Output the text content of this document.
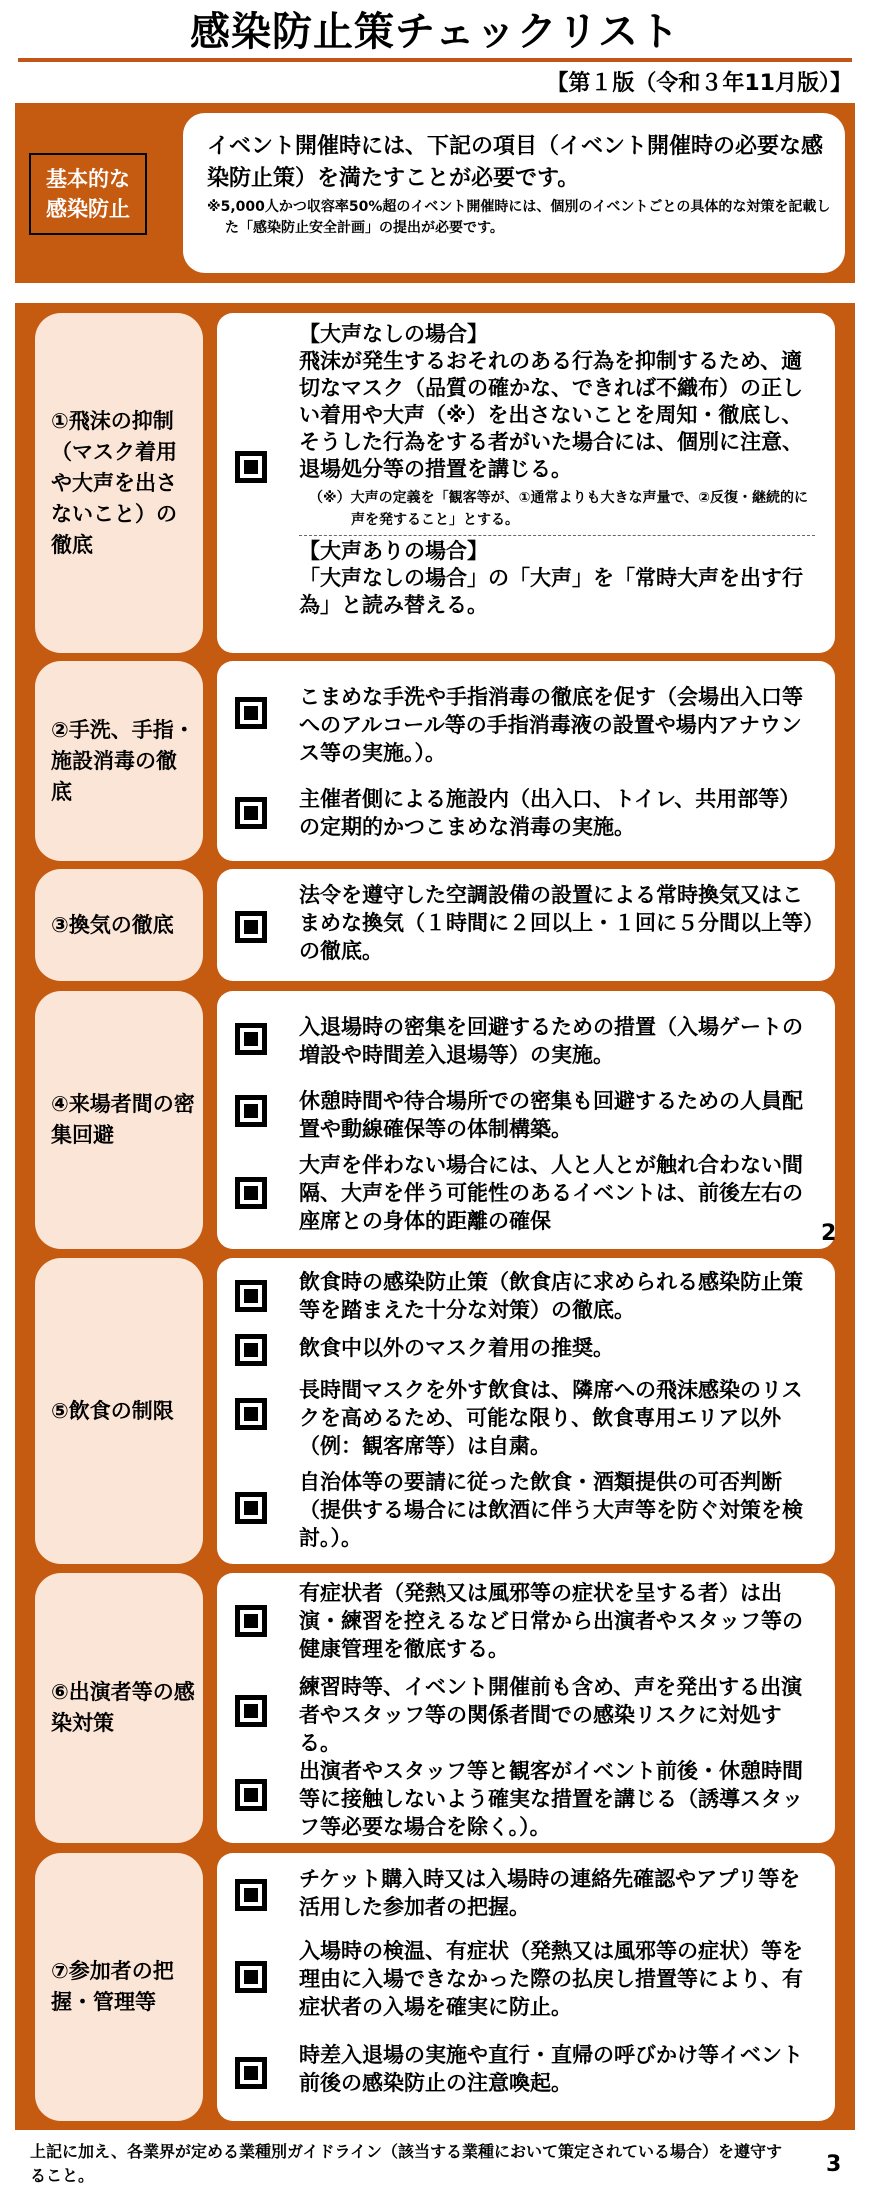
感染防止策チェックリスト
【第１版（令和３年11月版）】
基本的な
感染防止
イベント開催時には、下記の項目（イベント開催時の必要な感染防止策）を満たすことが必要です。
※5,000人かつ収容率50%超のイベント開催時には、個別のイベントごとの具体的な対策を記載した「感染防止安全計画」の提出が必要です。
①飛沫の抑制（マスク着用や大声を出さないこと）の徹底
【大声なしの場合】
飛沫が発生するおそれのある行為を抑制するため、適切なマスク（品質の確かな、できれば不織布）の正しい着用や大声（※）を出さないことを周知・徹底し、そうした行為をする者がいた場合には、個別に注意、退場処分等の措置を講じる。
（※）大声の定義を「観客等が、①通常よりも大きな声量で、②反復・継続的に声を発すること」とする。
【大声ありの場合】
「大声なしの場合」の「大声」を「常時大声を出す行為」と読み替える。
②手洗、手指・施設消毒の徹底
こまめな手洗や手指消毒の徹底を促す（会場出入口等へのアルコール等の手指消毒液の設置や場内アナウンス等の実施。）。
主催者側による施設内（出入口、トイレ、共用部等）の定期的かつこまめな消毒の実施。
③換気の徹底
法令を遵守した空調設備の設置による常時換気又はこまめな換気（１時間に２回以上・１回に５分間以上等）の徹底。
④来場者間の密集回避
入退場時の密集を回避するための措置（入場ゲートの増設や時間差入退場等）の実施。
休憩時間や待合場所での密集も回避するための人員配置や動線確保等の体制構築。
大声を伴わない場合には、人と人とが触れ合わない間隔、大声を伴う可能性のあるイベントは、前後左右の座席との身体的距離の確保	2
⑤飲食の制限
飲食時の感染防止策（飲食店に求められる感染防止策等を踏まえた十分な対策）の徹底。
飲食中以外のマスク着用の推奨。
長時間マスクを外す飲食は、隣席への飛沫感染のリスクを高めるため、可能な限り、飲食専用エリア以外（例：観客席等）は自粛。
自治体等の要請に従った飲食・酒類提供の可否判断（提供する場合には飲酒に伴う大声等を防ぐ対策を検討。）。
⑥出演者等の感染対策
有症状者（発熱又は風邪等の症状を呈する者）は出演・練習を控えるなど日常から出演者やスタッフ等の健康管理を徹底する。
練習時等、イベント開催前も含め、声を発出する出演者やスタッフ等の関係者間での感染リスクに対処する。
出演者やスタッフ等と観客がイベント前後・休憩時間等に接触しないよう確実な措置を講じる（誘導スタッフ等必要な場合を除く。）。
⑦参加者の把握・管理等
チケット購入時又は入場時の連絡先確認やアプリ等を活用した参加者の把握。
入場時の検温、有症状（発熱又は風邪等の症状）等を理由に入場できなかった際の払戻し措置等により、有症状者の入場を確実に防止。
時差入退場の実施や直行・直帰の呼びかけ等イベント前後の感染防止の注意喚起。
上記に加え、各業界が定める業種別ガイドライン（該当する業種において策定されている場合）を遵守すること。	3
